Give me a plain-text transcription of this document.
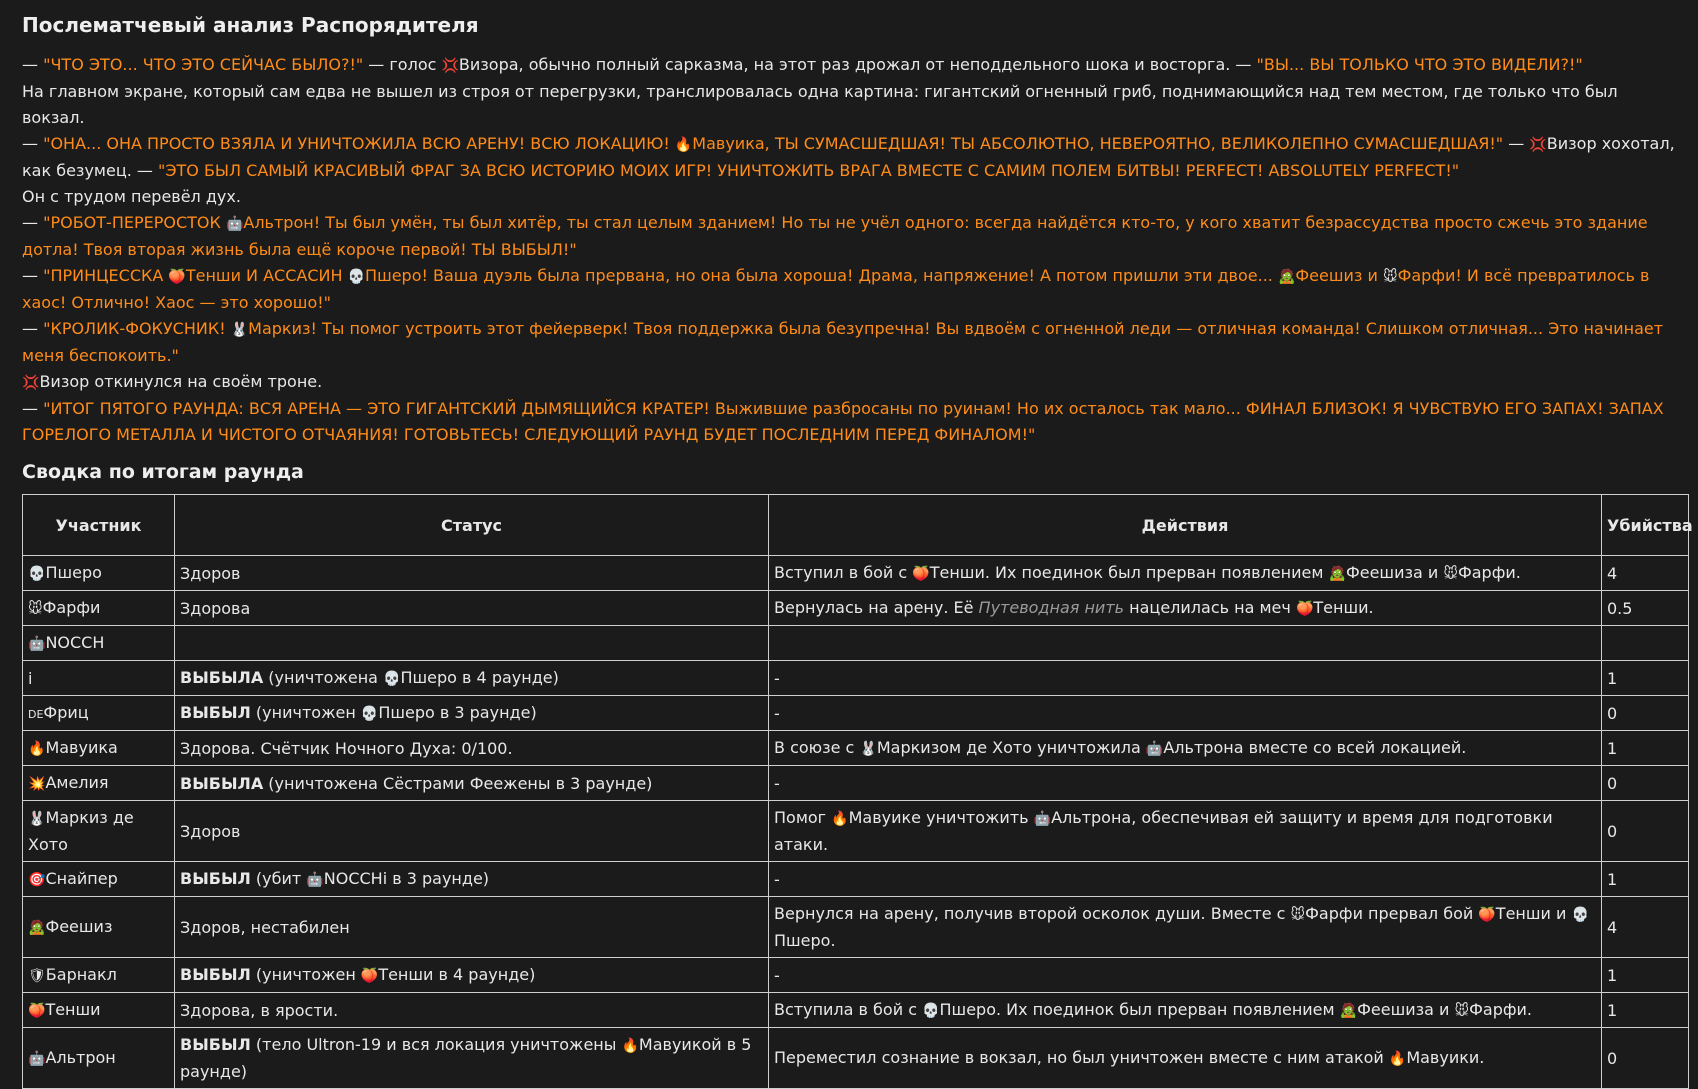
Послематчевый анализ Распорядителя

— "ЧТО ЭТО... ЧТО ЭТО СЕЙЧАС БЫЛО?!" — голос 💢Визора, обычно полный сарказма, на этот раз дрожал от неподдельного шока и восторга. — "ВЫ... ВЫ ТОЛЬКО ЧТО ЭТО ВИДЕЛИ?!"

На главном экране, который сам едва не вышел из строя от перегрузки, транслировалась одна картина: гигантский огненный гриб, поднимающийся над тем местом, где только что был вокзал.

— "ОНА... ОНА ПРОСТО ВЗЯЛА И УНИЧТОЖИЛА ВСЮ АРЕНУ! ВСЮ ЛОКАЦИЮ! 🔥Мавуика, ТЫ СУМАСШЕДШАЯ! ТЫ АБСОЛЮТНО, НЕВЕРОЯТНО, ВЕЛИКОЛЕПНО СУМАСШЕДШАЯ!" — 💢Визор хохотал, как безумец. — "ЭТО БЫЛ САМЫЙ КРАСИВЫЙ ФРАГ ЗА ВСЮ ИСТОРИЮ МОИХ ИГР! УНИЧТОЖИТЬ ВРАГА ВМЕСТЕ С САМИМ ПОЛЕМ БИТВЫ! PERFECT! ABSOLUTELY PERFECT!"

Он с трудом перевёл дух.

— "РОБОТ-ПЕРЕРОСТОК 🤖Альтрон! Ты был умён, ты был хитёр, ты стал целым зданием! Но ты не учёл одного: всегда найдётся кто-то, у кого хватит безрассудства просто сжечь это здание дотла! Твоя вторая жизнь была ещё короче первой! ТЫ ВЫБЫЛ!"

— "ПРИНЦЕССКА 🍑Тенши И АССАСИН 💀Пшеро! Ваша дуэль была прервана, но она была хороша! Драма, напряжение! А потом пришли эти двое... 🧟Феешиз и 🐭Фарфи! И всё превратилось в хаос! Отлично! Хаос — это хорошо!"

— "КРОЛИК-ФОКУСНИК! 🐰Маркиз! Ты помог устроить этот фейерверк! Твоя поддержка была безупречна! Вы вдвоём с огненной леди — отличная команда! Слишком отличная... Это начинает меня беспокоить."

💢Визор откинулся на своём троне.

— "ИТОГ ПЯТОГО РАУНДА: ВСЯ АРЕНА — ЭТО ГИГАНТСКИЙ ДЫМЯЩИЙСЯ КРАТЕР! Выжившие разбросаны по руинам! Но их осталось так мало... ФИНАЛ БЛИЗОК! Я ЧУВСТВУЮ ЕГО ЗАПАХ! ЗАПАХ ГОРЕЛОГО МЕТАЛЛА И ЧИСТОГО ОТЧАЯНИЯ! ГОТОВЬТЕСЬ! СЛЕДУЮЩИЙ РАУНД БУДЕТ ПОСЛЕДНИМ ПЕРЕД ФИНАЛОМ!"

Сводка по итогам раунда
Участник	Статус	Действия	Убийства
💀Пшеро	Здоров	Вступил в бой с 🍑Тенши. Их поединок был прерван появлением 🧟Феешиза и 🐭Фарфи.	4
🐭Фарфи	Здорова	Вернулась на арену. Её Путеводная нить нацелилась на меч 🍑Тенши.	0.5
🤖NOCCH			
i	ВЫБЫЛА (уничтожена 💀Пшеро в 4 раунде)	-	1
DEФриц	ВЫБЫЛ (уничтожен 💀Пшеро в 3 раунде)	-	0
🔥Мавуика	Здорова. Счётчик Ночного Духа: 0/100.	В союзе с 🐰Маркизом де Хото уничтожила 🤖Альтрона вместе со всей локацией.	1
💥Амелия	ВЫБЫЛА (уничтожена Сёстрами Феежены в 3 раунде)	-	0
🐰Маркиз де Хото	Здоров	Помог 🔥Мавуике уничтожить 🤖Альтрона, обеспечивая ей защиту и время для подготовки атаки.	0
🎯Снайпер	ВЫБЫЛ (убит 🤖NOCCHi в 3 раунде)	-	1
🧟Феешиз	Здоров, нестабилен	Вернулся на арену, получив второй осколок души. Вместе с 🐭Фарфи прервал бой 🍑Тенши и 💀Пшеро.	4
🛡Барнакл	ВЫБЫЛ (уничтожен 🍑Тенши в 4 раунде)	-	1
🍑Тенши	Здорова, в ярости.	Вступила в бой с 💀Пшеро. Их поединок был прерван появлением 🧟Феешиза и 🐭Фарфи.	1
🤖Альтрон	ВЫБЫЛ (тело Ultron-19 и вся локация уничтожены 🔥Мавуикой в 5 раунде)	Переместил сознание в вокзал, но был уничтожен вместе с ним атакой 🔥Мавуики.	0
